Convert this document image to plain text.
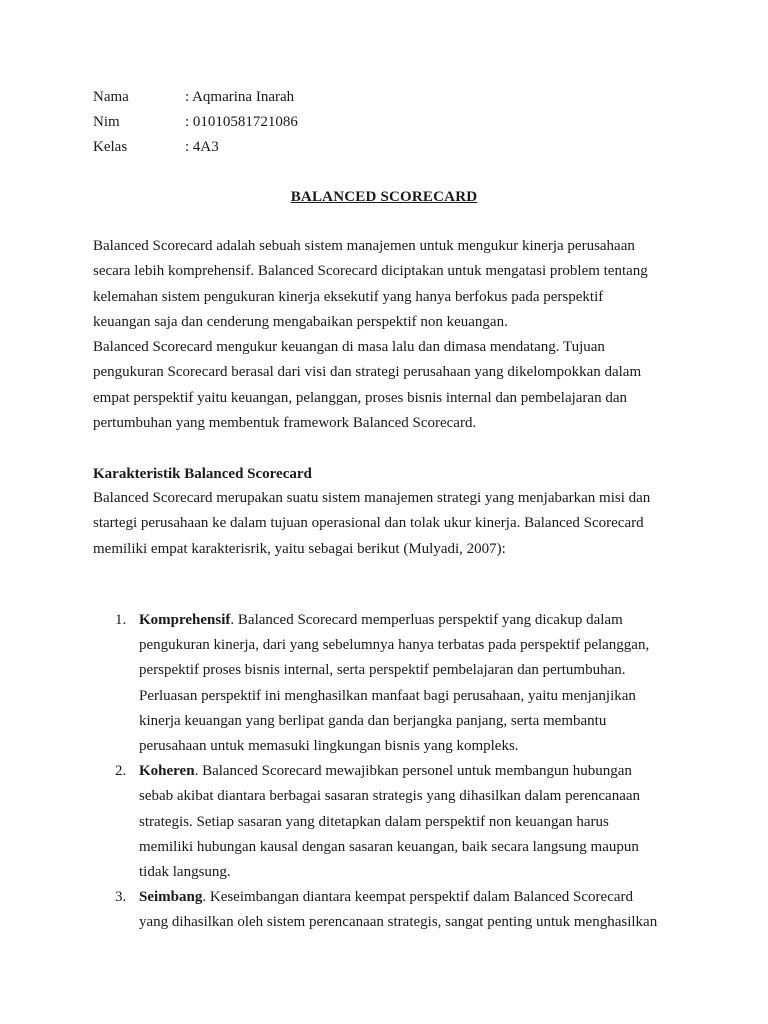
Nama	: Aqmarina Inarah
Nim	: 01010581721086
Kelas	: 4A3
BALANCED SCORECARD
Balanced Scorecard adalah sebuah sistem manajemen untuk mengukur kinerja perusahaan
secara lebih komprehensif. Balanced Scorecard diciptakan untuk mengatasi problem tentang
kelemahan sistem pengukuran kinerja eksekutif yang hanya berfokus pada perspektif
keuangan saja dan cenderung mengabaikan perspektif non keuangan.
Balanced Scorecard mengukur keuangan di masa lalu dan dimasa mendatang. Tujuan
pengukuran Scorecard berasal dari visi dan strategi perusahaan yang dikelompokkan dalam
empat perspektif yaitu keuangan, pelanggan, proses bisnis internal dan pembelajaran dan
pertumbuhan yang membentuk framework Balanced Scorecard.
Karakteristik Balanced Scorecard
Balanced Scorecard merupakan suatu sistem manajemen strategi yang menjabarkan misi dan
startegi perusahaan ke dalam tujuan operasional dan tolak ukur kinerja. Balanced Scorecard
memiliki empat karakterisrik, yaitu sebagai berikut (Mulyadi, 2007):
1. Komprehensif. Balanced Scorecard memperluas perspektif yang dicakup dalam
pengukuran kinerja, dari yang sebelumnya hanya terbatas pada perspektif pelanggan,
perspektif proses bisnis internal, serta perspektif pembelajaran dan pertumbuhan.
Perluasan perspektif ini menghasilkan manfaat bagi perusahaan, yaitu menjanjikan
kinerja keuangan yang berlipat ganda dan berjangka panjang, serta membantu
perusahaan untuk memasuki lingkungan bisnis yang kompleks.
2. Koheren. Balanced Scorecard mewajibkan personel untuk membangun hubungan
sebab akibat diantara berbagai sasaran strategis yang dihasilkan dalam perencanaan
strategis. Setiap sasaran yang ditetapkan dalam perspektif non keuangan harus
memiliki hubungan kausal dengan sasaran keuangan, baik secara langsung maupun
tidak langsung.
3. Seimbang. Keseimbangan diantara keempat perspektif dalam Balanced Scorecard
yang dihasilkan oleh sistem perencanaan strategis, sangat penting untuk menghasilkan
